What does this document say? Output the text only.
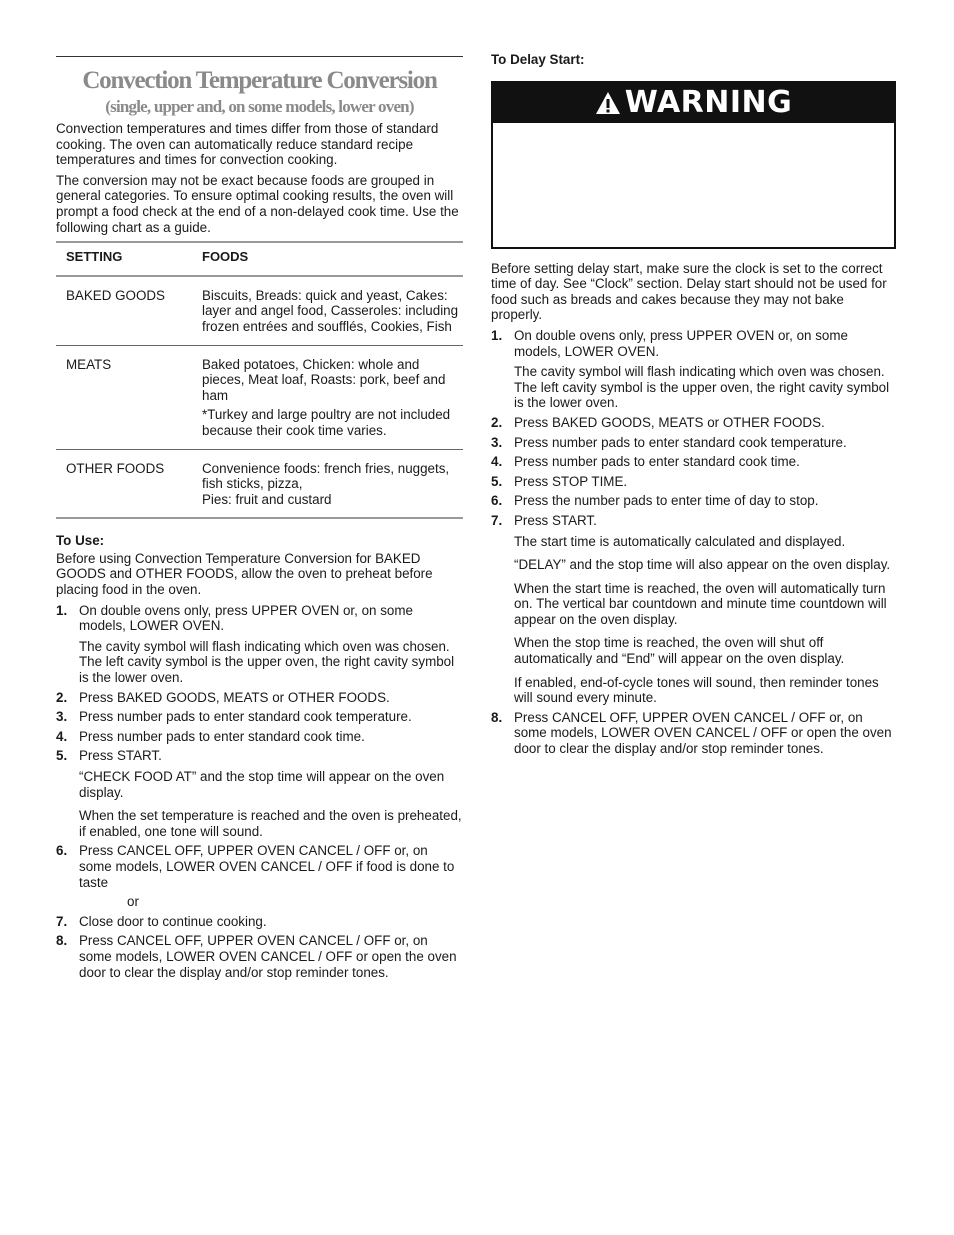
Convection Temperature Conversion
(single, upper and, on some models, lower oven)

Convection temperatures and times differ from those of standard cooking. The oven can automatically reduce standard recipe temperatures and times for convection cooking.

The conversion may not be exact because foods are grouped in general categories. To ensure optimal cooking results, the oven will prompt a food check at the end of a non-delayed cook time. Use the following chart as a guide.

SETTING	FOODS
BAKED GOODS	Biscuits, Breads: quick and yeast, Cakes: layer and angel food, Casseroles: including frozen entrées and soufflés, Cookies, Fish
MEATS	Baked potatoes, Chicken: whole and pieces, Meat loaf, Roasts: pork, beef and ham
*Turkey and large poultry are not included because their cook time varies.

OTHER FOODS	Convenience foods: french fries, nuggets, fish sticks, pizza,
Pies: fruit and custard
To Use:

Before using Convection Temperature Conversion for BAKED GOODS and OTHER FOODS, allow the oven to preheat before placing food in the oven.

1. On double ovens only, press UPPER OVEN or, on some models, LOWER OVEN.
The cavity symbol will flash indicating which oven was chosen. The left cavity symbol is the upper oven, the right cavity symbol is the lower oven.
2. Press BAKED GOODS, MEATS or OTHER FOODS.
3. Press number pads to enter standard cook temperature.
4. Press number pads to enter standard cook time.
5. Press START.
“CHECK FOOD AT” and the stop time will appear on the oven display.
When the set temperature is reached and the oven is preheated, if enabled, one tone will sound.
6. Press CANCEL OFF, UPPER OVEN CANCEL / OFF or, on some models, LOWER OVEN CANCEL / OFF if food is done to taste
or
7. Close door to continue cooking.
8. Press CANCEL OFF, UPPER OVEN CANCEL / OFF or, on some models, LOWER OVEN CANCEL / OFF or open the oven door to clear the display and/or stop reminder tones.
To Delay Start:
WARNING

Before setting delay start, make sure the clock is set to the correct time of day. See “Clock” section. Delay start should not be used for food such as breads and cakes because they may not bake properly.

1. On double ovens only, press UPPER OVEN or, on some models, LOWER OVEN.
The cavity symbol will flash indicating which oven was chosen. The left cavity symbol is the upper oven, the right cavity symbol is the lower oven.
2. Press BAKED GOODS, MEATS or OTHER FOODS.
3. Press number pads to enter standard cook temperature.
4. Press number pads to enter standard cook time.
5. Press STOP TIME.
6. Press the number pads to enter time of day to stop.
7. Press START.
The start time is automatically calculated and displayed.
“DELAY” and the stop time will also appear on the oven display.
When the start time is reached, the oven will automatically turn on. The vertical bar countdown and minute time countdown will appear on the oven display.
When the stop time is reached, the oven will shut off automatically and “End” will appear on the oven display.
If enabled, end-of-cycle tones will sound, then reminder tones will sound every minute.
8. Press CANCEL OFF, UPPER OVEN CANCEL / OFF or, on some models, LOWER OVEN CANCEL / OFF or open the oven door to clear the display and/or stop reminder tones.
